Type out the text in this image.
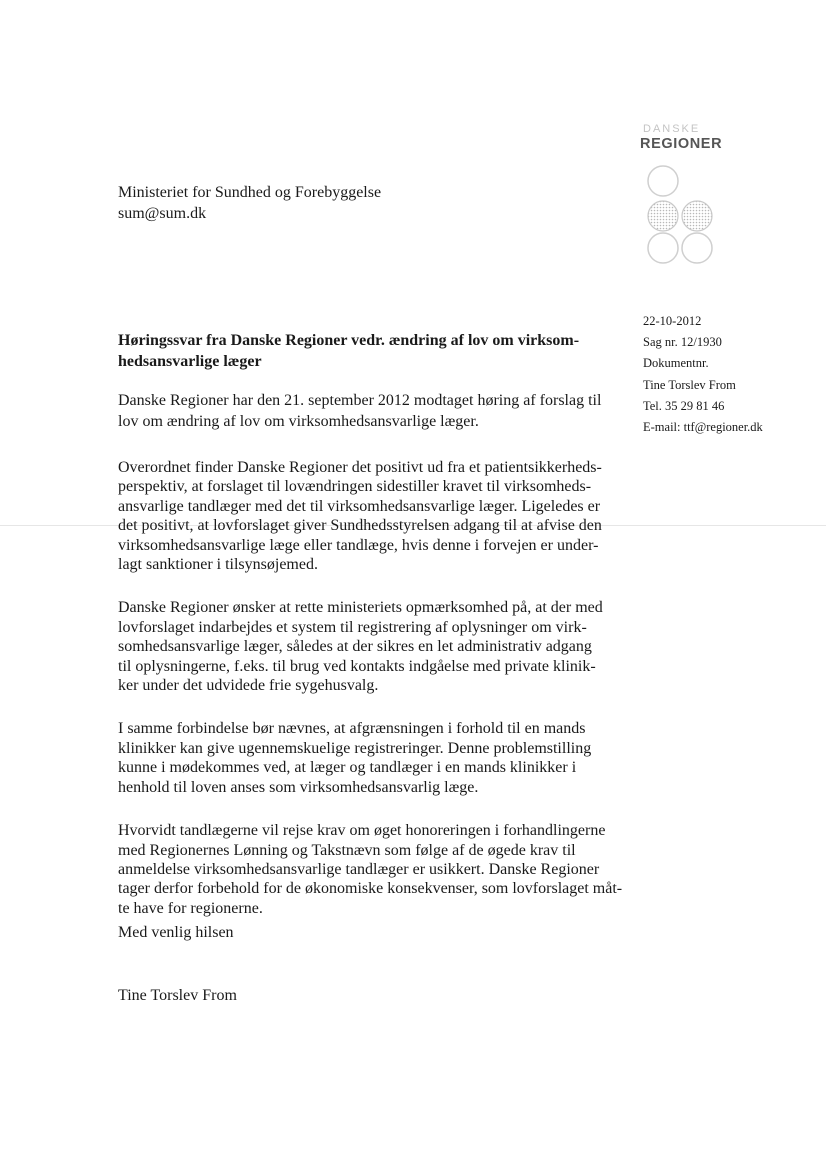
DANSKE
REGIONER
Ministeriet for Sundhed og Forebyggelse
sum@sum.dk
22-10-2012
Sag nr. 12/1930
Dokumentnr.
Tine Torslev From
Tel. 35 29 81 46
E-mail: ttf@regioner.dk
Høringssvar fra Danske Regioner vedr. ændring af lov om virksom-
hedsansvarlige læger
Danske Regioner har den 21. september 2012 modtaget høring af forslag til
lov om ændring af lov om virksomhedsansvarlige læger.
Overordnet finder Danske Regioner det positivt ud fra et patientsikkerheds-
perspektiv, at forslaget til lovændringen sidestiller kravet til virksomheds-
ansvarlige tandlæger med det til virksomhedsansvarlige læger. Ligeledes er
det positivt, at lovforslaget giver Sundhedsstyrelsen adgang til at afvise den
virksomhedsansvarlige læge eller tandlæge, hvis denne i forvejen er under-
lagt sanktioner i tilsynsøjemed.
Danske Regioner ønsker at rette ministeriets opmærksomhed på, at der med
lovforslaget indarbejdes et system til registrering af oplysninger om virk-
somhedsansvarlige læger, således at der sikres en let administrativ adgang
til oplysningerne, f.eks. til brug ved kontakts indgåelse med private klinik-
ker under det udvidede frie sygehusvalg.
I samme forbindelse bør nævnes, at afgrænsningen i forhold til en mands
klinikker kan give ugennemskuelige registreringer. Denne problemstilling
kunne i mødekommes ved, at læger og tandlæger i en mands klinikker i
henhold til loven anses som virksomhedsansvarlig læge.
Hvorvidt tandlægerne vil rejse krav om øget honoreringen i forhandlingerne
med Regionernes Lønning og Takstnævn som følge af de øgede krav til
anmeldelse virksomhedsansvarlige tandlæger er usikkert. Danske Regioner
tager derfor forbehold for de økonomiske konsekvenser, som lovforslaget måt-
te have for regionerne.
Med venlig hilsen
Tine Torslev From
